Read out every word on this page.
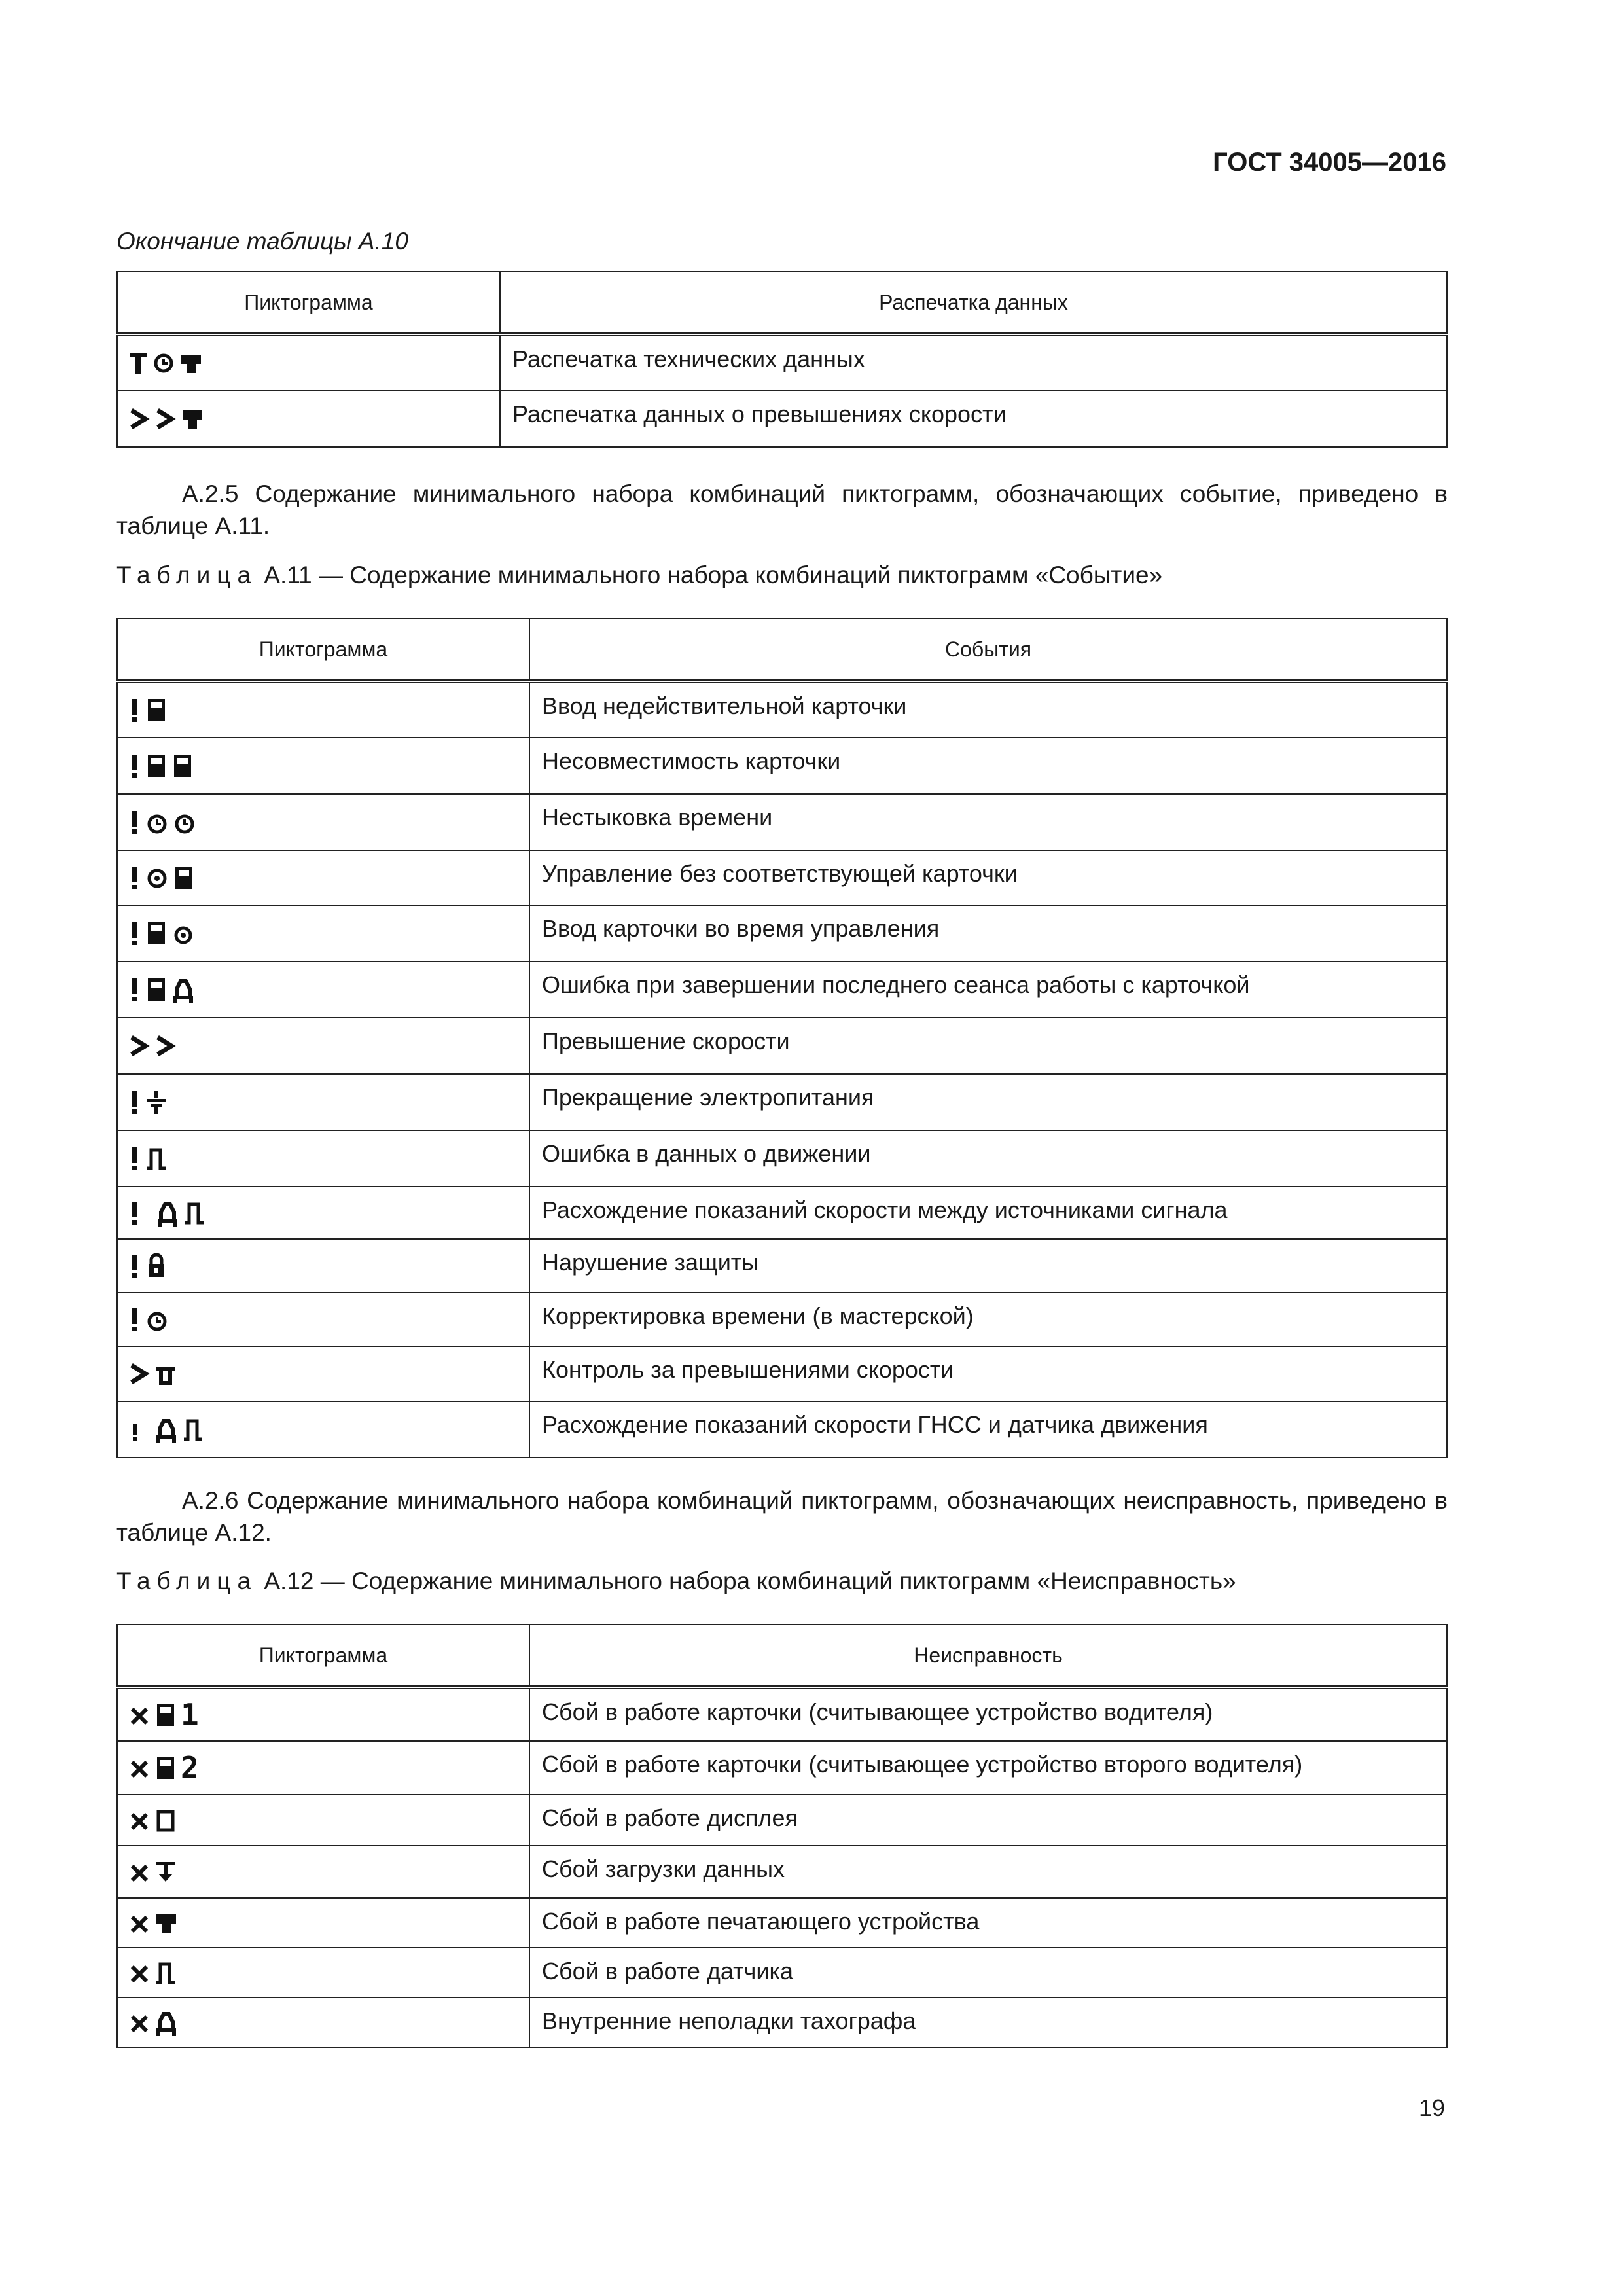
ГОСТ 34005—2016
Окончание таблицы А.10
Пиктограмма	Распечатка данных

	Распечатка технических данных

	Распечатка данных о превышениях скорости

А.2.5 Содержание минимального набора комбинаций пиктограмм, обозначающих событие, приведено в таблице А.11.

Таблица А.11 — Содержание минимального набора комбинаций пиктограмм «Событие»
Пиктограмма	События

	Ввод недействительной карточки

	Несовместимость карточки

	Нестыковка времени

	Управление без соответствующей карточки

	Ввод карточки во время управления

	Ошибка при завершении последнего сеанса работы с карточкой

	Превышение скорости

	Прекращение электропитания

	Ошибка в данных о движении

	Расхождение показаний скорости между источниками сигнала

	Нарушение защиты

	Корректировка времени (в мастерской)

	Контроль за превышениями скорости

	Расхождение показаний скорости ГНСС и датчика движения

А.2.6 Содержание минимального набора комбинаций пиктограмм, обозначающих неисправность, приведено в таблице А.12.

Таблица А.12 — Содержание минимального набора комбинаций пиктограмм «Неисправность»
Пиктограмма	Неисправность

1	Сбой в работе карточки (считывающее устройство водителя)

2	Сбой в работе карточки (считывающее устройство второго водителя)

	Сбой в работе дисплея

	Сбой загрузки данных

	Сбой в работе печатающего устройства

	Сбой в работе датчика

	Внутренние неполадки тахографа
19
